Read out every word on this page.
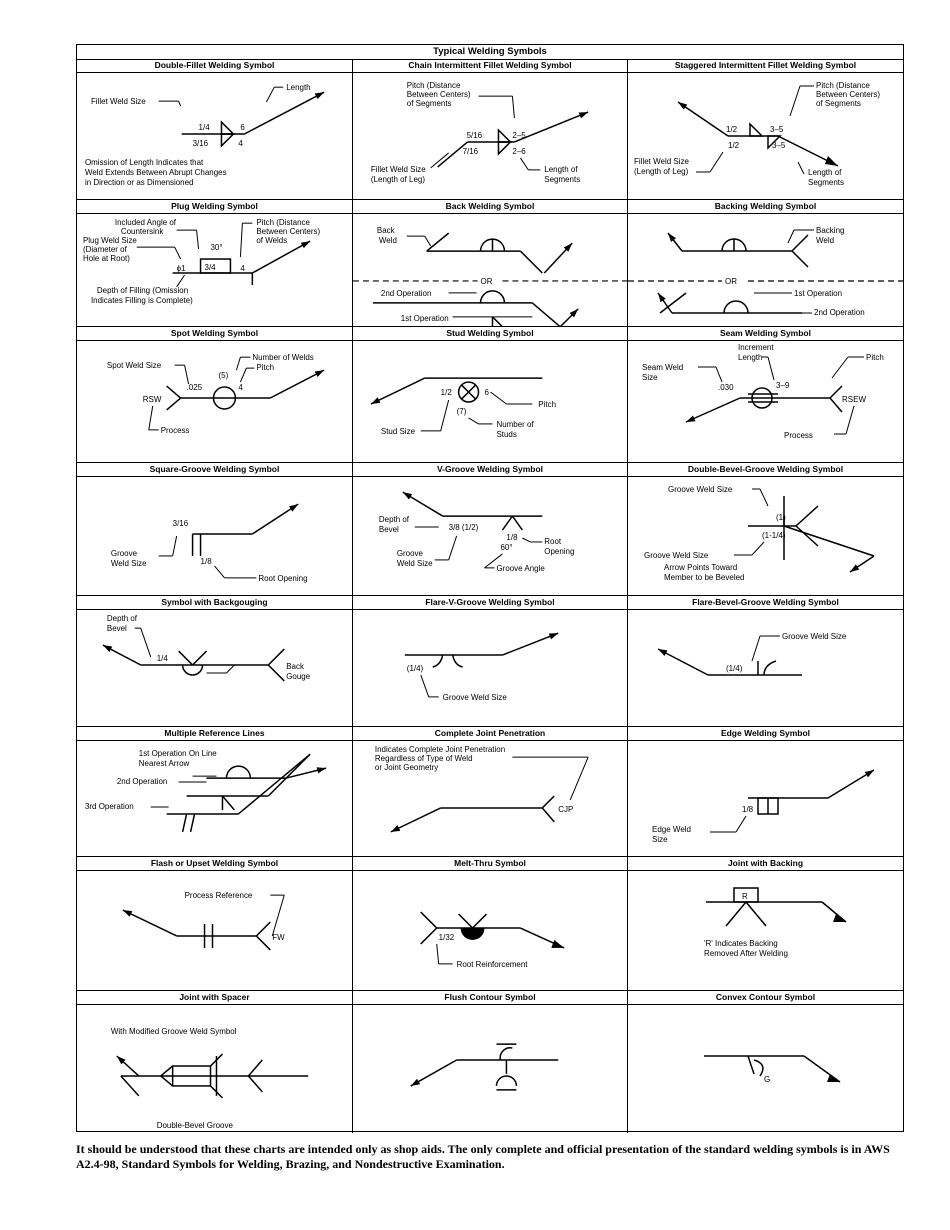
Typical Welding Symbols
Double-Fillet Welding Symbol
Fillet Weld Size
Length
1/4	6
3/16	4
Omission of Length Indicates that
Weld Extends Between Abrupt Changes
in Direction or as Dimensioned
Chain Intermittent Fillet Welding Symbol
Pitch (Distance
Between Centers)
of Segments
5/16	2–5
7/16	2–6
Fillet Weld Size
(Length of Leg)
Length of
Segments
Staggered Intermittent Fillet Welding Symbol
Pitch (Distance
Between Centers)
of Segments
1/2	3–5
1/2	3–5
Fillet Weld Size
(Length of Leg)	Length of
Segments
Plug Welding Symbol
Included Angle of
Countersink
Pitch (Distance
Between Centers)
of Welds
30°
Plug Weld Size
(Diameter of
Hole at Root)
ϕ1 3/4	4
Depth of Filling (Omission
Indicates Filling is Complete)
Back Welding Symbol
Back
Weld
OR
2nd Operation
1st Operation
Backing Welding Symbol
Backing
Weld
OR
1st Operation
2nd Operation
Spot Welding Symbol
Number of Welds
Spot Weld Size
(5)
Pitch
.025	4
RSW
Process
Stud Welding Symbol
1/2	6
(7)
Pitch
Stud Size
Number of
Studs
Seam Welding Symbol
Increment
Length	Pitch
Seam Weld
Size
.030	3–9
RSEW
Process
Square-Groove Welding Symbol
3/16
1/8
Groove
Weld Size
Root Opening
V-Groove Welding Symbol
Depth of
Bevel	3/8 (1/2)
1/8
60°
Root
Opening
Groove
Weld Size
Groove Angle
Double-Bevel-Groove Welding Symbol
Groove Weld Size
(1)
(1-1/4)
Groove Weld Size
Arrow Points Toward
Member to be Beveled
Symbol with Backgouging
Depth of
Bevel
1/4
Back
Gouge
Flare-V-Groove Welding Symbol
(1/4)
Groove Weld Size
Flare-Bevel-Groove Welding Symbol
Groove Weld Size
(1/4)
Multiple Reference Lines
1st Operation On Line
Nearest Arrow
2nd Operation
3rd Operation
Complete Joint Penetration
Indicates Complete Joint Penetration
Regardless of Type of Weld
or Joint Geometry
CJP
Edge Welding Symbol
1/8
Edge Weld
Size
Flash or Upset Welding Symbol
Process Reference
FW
Melt-Thru Symbol
1/32
Root Reinforcement
Joint with Backing
R
'R' Indicates Backing
Removed After Welding
Joint with Spacer
With Modified Groove Weld Symbol
Double-Bevel Groove
Flush Contour Symbol	Convex Contour Symbol
G
It should be understood that these charts are intended only as shop aids. The only complete and official presentation of the standard welding symbols is in AWS A2.4-98, Standard Symbols for Welding, Brazing, and Nondestructive Examination.
